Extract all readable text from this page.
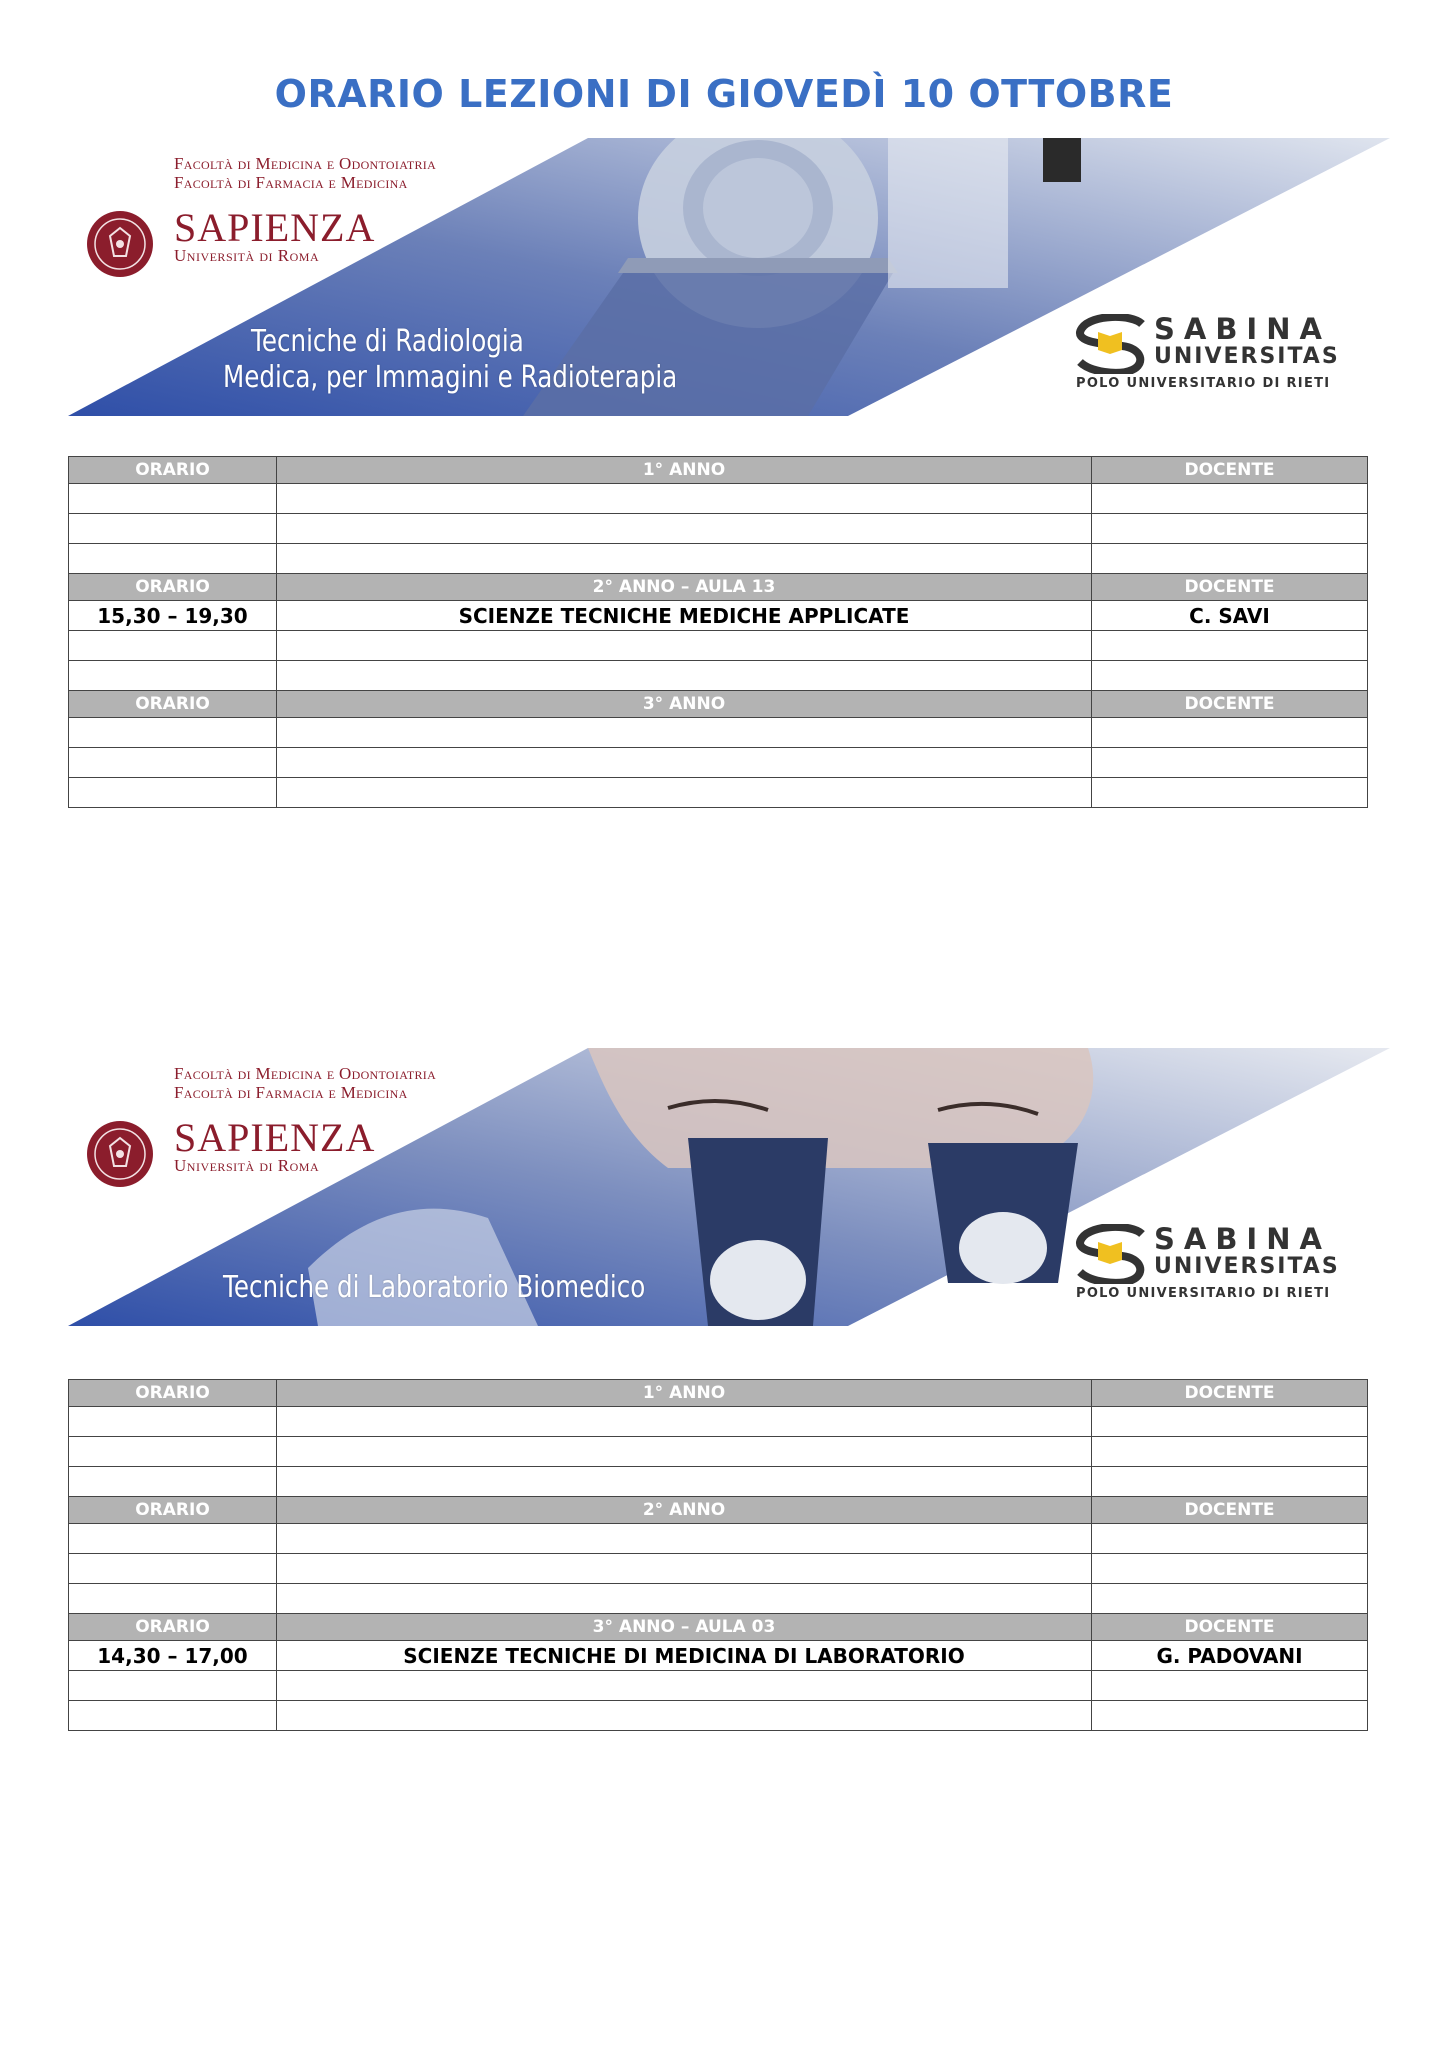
ORARIO LEZIONI DI GIOVEDÌ 10 OTTOBRE
Facoltà di Medicina e Odontoiatria
Facoltà di Farmacia e Medicina
SAPIENZA
Università di Roma
Tecniche di Radiologia
Medica, per Immagini e Radioterapia
SABINA
UNIVERSITAS
POLO UNIVERSITARIO DI RIETI
ORARIO	1° ANNO	DOCENTE

ORARIO	2° ANNO – AULA 13	DOCENTE
15,30 – 19,30	SCIENZE TECNICHE MEDICHE APPLICATE	C. SAVI

ORARIO	3° ANNO	DOCENTE

Facoltà di Medicina e Odontoiatria
Facoltà di Farmacia e Medicina
SAPIENZA
Università di Roma
Tecniche di Laboratorio Biomedico
SABINA
UNIVERSITAS
POLO UNIVERSITARIO DI RIETI
ORARIO	1° ANNO	DOCENTE

ORARIO	2° ANNO	DOCENTE

ORARIO	3° ANNO – AULA 03	DOCENTE
14,30 – 17,00	SCIENZE TECNICHE DI MEDICINA DI LABORATORIO	G. PADOVANI
